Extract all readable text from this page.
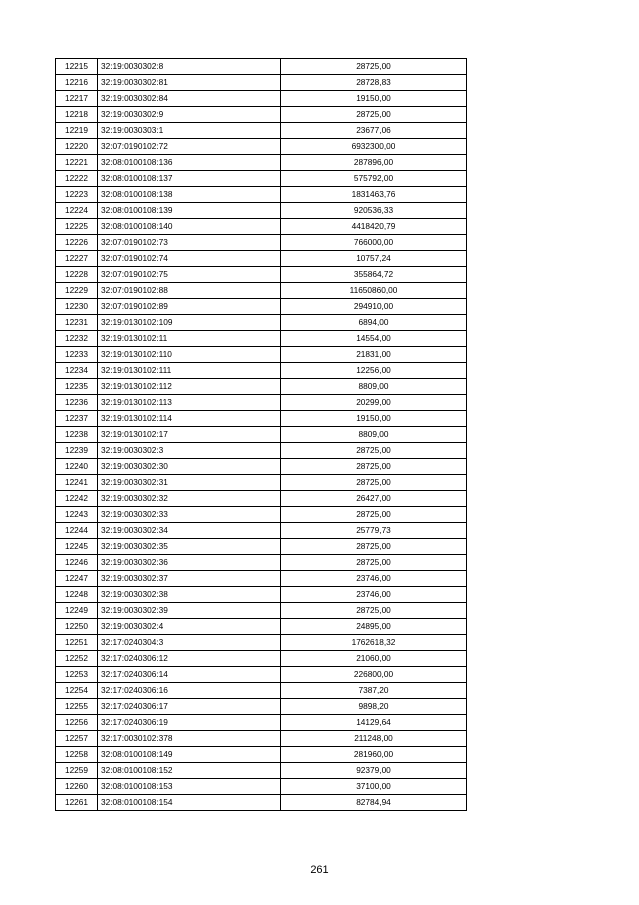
12215	32:19:0030302:8	28725,00
12216	32:19:0030302:81	28728,83
12217	32:19:0030302:84	19150,00
12218	32:19:0030302:9	28725,00
12219	32:19:0030303:1	23677,06
12220	32:07:0190102:72	6932300,00
12221	32:08:0100108:136	287896,00
12222	32:08:0100108:137	575792,00
12223	32:08:0100108:138	1831463,76
12224	32:08:0100108:139	920536,33
12225	32:08:0100108:140	4418420,79
12226	32:07:0190102:73	766000,00
12227	32:07:0190102:74	10757,24
12228	32:07:0190102:75	355864,72
12229	32:07:0190102:88	11650860,00
12230	32:07:0190102:89	294910,00
12231	32:19:0130102:109	6894,00
12232	32:19:0130102:11	14554,00
12233	32:19:0130102:110	21831,00
12234	32:19:0130102:111	12256,00
12235	32:19:0130102:112	8809,00
12236	32:19:0130102:113	20299,00
12237	32:19:0130102:114	19150,00
12238	32:19:0130102:17	8809,00
12239	32:19:0030302:3	28725,00
12240	32:19:0030302:30	28725,00
12241	32:19:0030302:31	28725,00
12242	32:19:0030302:32	26427,00
12243	32:19:0030302:33	28725,00
12244	32:19:0030302:34	25779,73
12245	32:19:0030302:35	28725,00
12246	32:19:0030302:36	28725,00
12247	32:19:0030302:37	23746,00
12248	32:19:0030302:38	23746,00
12249	32:19:0030302:39	28725,00
12250	32:19:0030302:4	24895,00
12251	32:17:0240304:3	1762618,32
12252	32:17:0240306:12	21060,00
12253	32:17:0240306:14	226800,00
12254	32:17:0240306:16	7387,20
12255	32:17:0240306:17	9898,20
12256	32:17:0240306:19	14129,64
12257	32:17:0030102:378	211248,00
12258	32:08:0100108:149	281960,00
12259	32:08:0100108:152	92379,00
12260	32:08:0100108:153	37100,00
12261	32:08:0100108:154	82784,94
261
